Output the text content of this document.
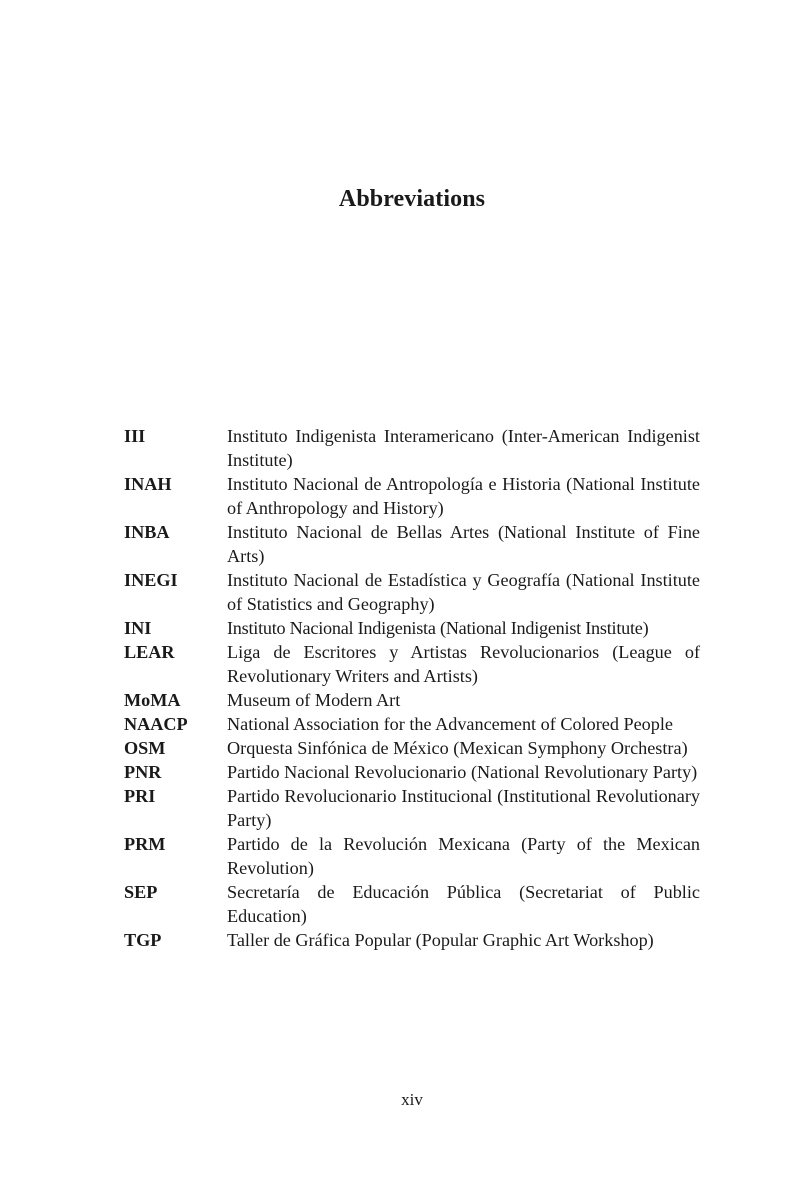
Abbreviations
III	Instituto Indigenista Interamericano (Inter-American Indigenist Institute)
INAH	Instituto Nacional de Antropología e Historia (National Institute of Anthropology and History)
INBA	Instituto Nacional de Bellas Artes (National Institute of Fine Arts)
INEGI	Instituto Nacional de Estadística y Geografía (National Institute of Statistics and Geography)
INI	Instituto Nacional Indigenista (National Indigenist Institute)
LEAR	Liga de Escritores y Artistas Revolucionarios (League of Revolutionary Writers and Artists)
MoMA	Museum of Modern Art
NAACP	National Association for the Advancement of Colored People
OSM	Orquesta Sinfónica de México (Mexican Symphony Orchestra)
PNR	Partido Nacional Revolucionario (National Revolutionary Party)
PRI	Partido Revolucionario Institucional (Institutional Revolutionary Party)
PRM	Partido de la Revolución Mexicana (Party of the Mexican Revolution)
SEP	Secretaría de Educación Pública (Secretariat of Public Education)
TGP	Taller de Gráfica Popular (Popular Graphic Art Workshop)
xiv
